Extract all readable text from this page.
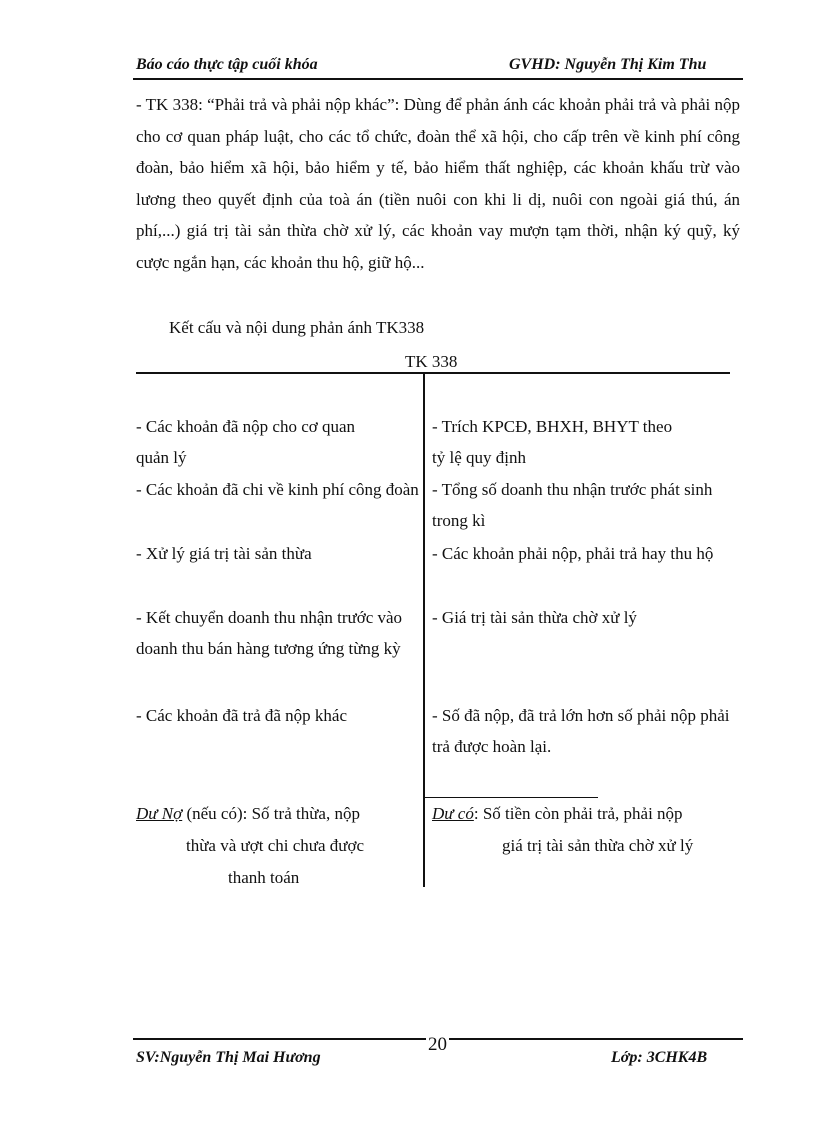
Báo cáo thực tập cuối khóa	GVHD: Nguyễn Thị Kim Thu
- TK 338: “Phải trả và phải nộp khác”: Dùng để phản ánh các khoản phải trả và phải nộp cho cơ quan pháp luật, cho các tổ chức, đoàn thể xã hội, cho cấp trên về kinh phí công đoàn, bảo hiểm xã hội, bảo hiểm y tế, bảo hiểm thất nghiệp, các khoản khấu trừ vào lương theo quyết định của toà án (tiền nuôi con khi li dị, nuôi con ngoài giá thú, án phí,...) giá trị tài sản thừa chờ xử lý, các khoản vay mượn tạm thời, nhận ký quỹ, ký cược ngắn hạn, các khoản thu hộ, giữ hộ...
Kết cấu và nội dung phản ánh TK338
TK 338
- Các khoản đã nộp cho cơ quan quản lý
- Các khoản đã chi về kinh phí công đoàn
- Xử lý giá trị tài sản thừa
- Kết chuyển doanh thu nhận trước vào doanh thu bán hàng tương ứng từng kỳ
- Các khoản đã trả đã nộp khác
- Trích KPCĐ, BHXH, BHYT theo tỷ lệ quy định
- Tổng số doanh thu nhận trước phát sinh trong kì
- Các khoản phải nộp, phải trả hay thu hộ
- Giá trị tài sản thừa chờ xử lý
- Số đã nộp, đã trả lớn hơn số phải nộp phải trả được hoàn lại.
Dư Nợ (nếu có): Số trả thừa, nộp
thừa và ượt chi chưa được
thanh toán
Dư có: Số tiền còn phải trả, phải nộp
giá trị tài sản thừa chờ xử lý
20
SV:Nguyễn Thị Mai Hương	Lớp: 3CHK4B
